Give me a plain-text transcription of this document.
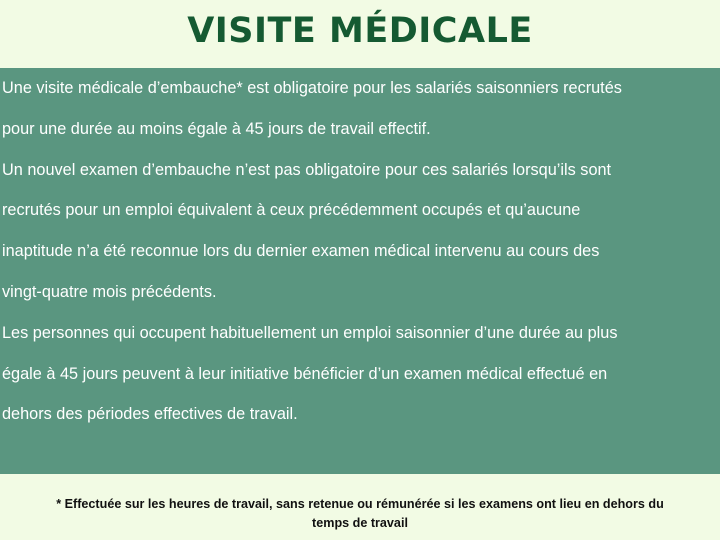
VISITE MÉDICALE

Une visite médicale d’embauche* est obligatoire pour les salariés saisonniers recrutés
pour une durée au moins égale à 45 jours de travail effectif.

Un nouvel examen d’embauche n’est pas obligatoire pour ces salariés lorsqu’ils sont
recrutés pour un emploi équivalent à ceux précédemment occupés et qu’aucune
inaptitude n’a été reconnue lors du dernier examen médical intervenu au cours des
vingt-quatre mois précédents.

Les personnes qui occupent habituellement un emploi saisonnier d’une durée au plus
égale à 45 jours peuvent à leur initiative bénéficier d’un examen médical effectué en
dehors des périodes effectives de travail.

* Effectuée sur les heures de travail, sans retenue ou rémunérée si les examens ont lieu en dehors du
temps de travail
